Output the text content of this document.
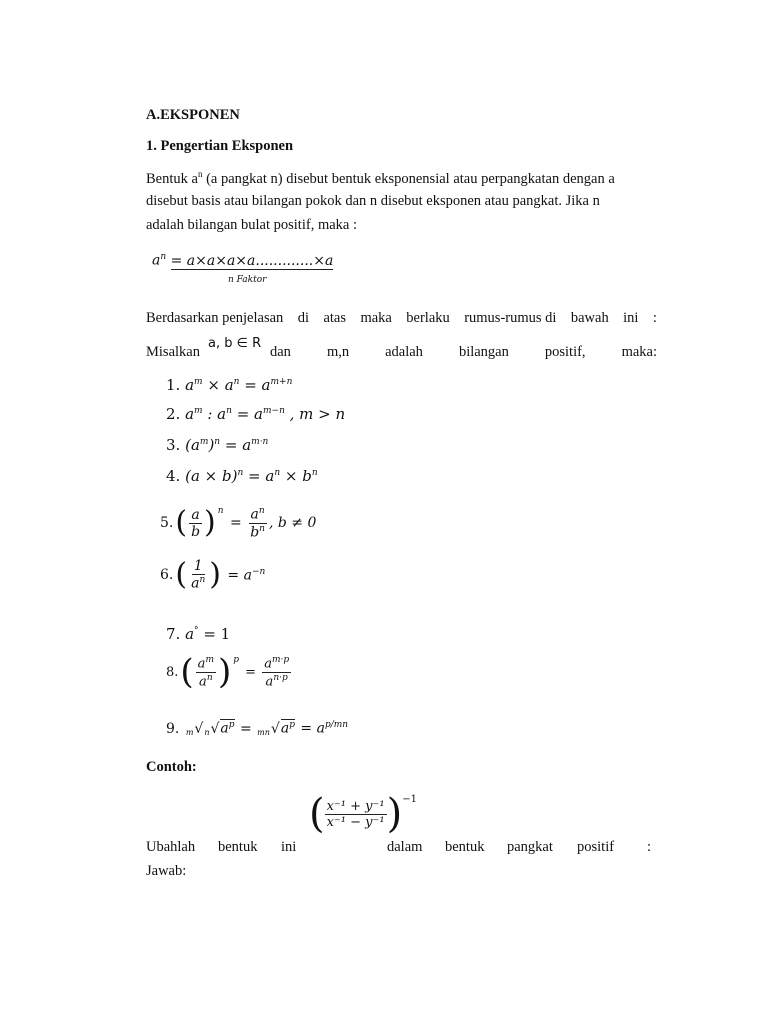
A.EKSPONEN
1. Pengertian Eksponen
Bentuk $a^n$ (a pangkat n) disebut bentuk eksponensial atau perpangkatan dengan a
disebut basis atau bilangan pokok dan n disebut eksponen atau pangkat. Jika n
adalah bilangan bulat positif, maka :
$a^n = a\times a\times a\times a.............\times a$
n Faktor
Berdasarkan penjelasan di atas maka berlaku rumus-rumus di bawah ini :
Misalkan
a, b ∈ R
dan m,n adalah bilangan positif, maka:
1. $a^m \times a^n = a^{m+n}$
2. $a^m$ : $a^n = a^{m-n}$ , m > n
3. $(a^m)^n = a^{m\cdot n}$
4. $(a \times b)^n = a^n \times b^n$
5. ( $\frac{a}{b} )^n$
= $\frac{a^n}{b^n}$ , b ≠ 0
6. ( $\frac{1}{a^n}$ ) = $a^{-n}$
7. a° = 1
8. ( $\frac{a^m}{a^n} )^p$
= $\frac{a^{m\cdot p}}{a^{n\cdot p}}$
9.
$_m$ $√_n$ √ $a^p = _{mn}$ √ $a^p = a^{p/mn}$
Contoh:
( $\frac{\text{x⁻¹ + y⁻¹}}{\text{x⁻¹ − y⁻¹}} )^{-1}$
Ubahlah	bentuk	ini	dalam	bentuk	pangkat	positif	:
Jawab:
